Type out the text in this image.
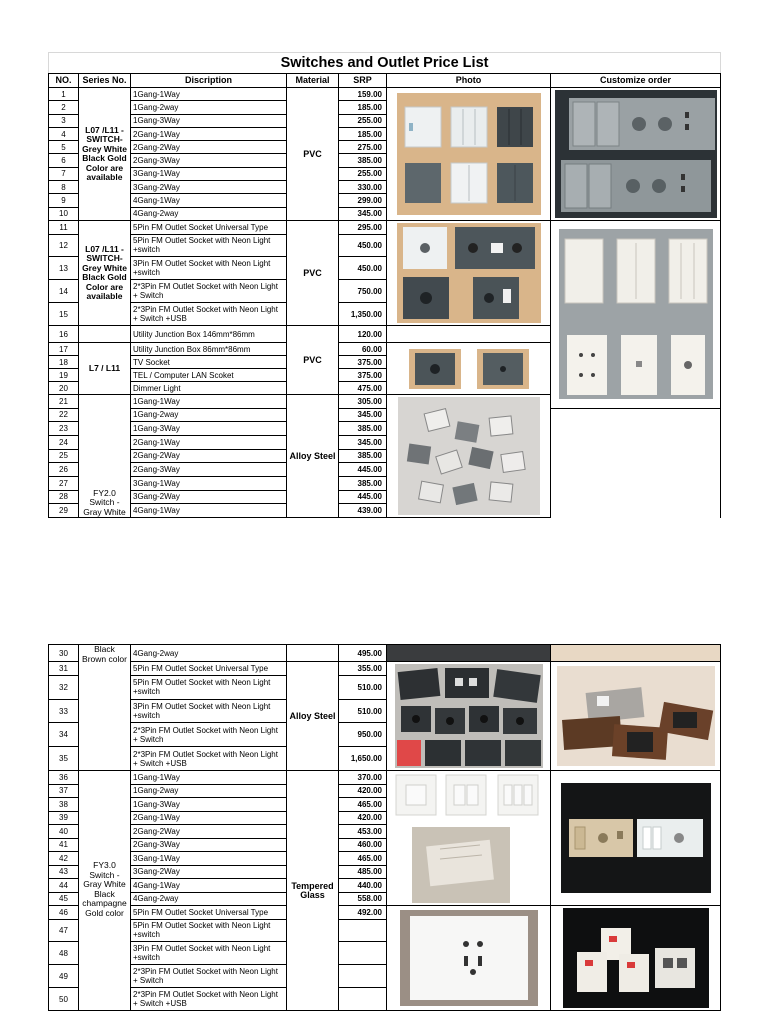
Switches and Outlet Price List							
NO.	Series No.	Discription	Material	SRP	Photo	Customize order	
1	L07 /L11 - SWITCH- Grey White Black Gold Color are available	1Gang-1Way	PVC	159.00	

2		1Gang-2way		185.00			
3		1Gang-3Way		255.00			
4		2Gang-1Way		185.00			
5		2Gang-2Way		275.00			
6		2Gang-3Way		385.00			
7		3Gang-1Way		255.00			
8		3Gang-2Way		330.00			
9		4Gang-1Way		299.00			
10		4Gang-2way		345.00			
11	L07 /L11 - SWITCH- Grey White Black Gold Color are available	5Pin FM Outlet Socket Universal Type	PVC	295.00	

12		5Pin FM Outlet Socket with Neon Light +switch		450.00			
13		3Pin FM Outlet Socket with Neon Light +switch		450.00			
14		2*3Pin FM Outlet Socket with Neon Light + Switch		750.00			
15		2*3Pin FM Outlet Socket with Neon Light + Switch +USB		1,350.00			
16		Utility Junction Box 146mm*86mm	PVC	120.00			
17	L7 / L11	Utility Junction Box 86mm*86mm		60.00	

18		TV Socket		375.00			
19		TEL / Computer LAN Scoket		375.00			
20		Dimmer Light		475.00			
21	FY2.0 Switch - Gray White	1Gang-1Way	Alloy Steel	305.00	

22		1Gang-2way		345.00			
23		1Gang-3Way		385.00			
24		2Gang-1Way		345.00			
25		2Gang-2Way		385.00			
26		2Gang-3Way		445.00			
27		3Gang-1Way		385.00			
28		3Gang-2Way		445.00			
29		4Gang-1Way		439.00			
30	Black Brown color	4Gang-2way		495.00		
31		5Pin FM Outlet Socket Universal Type	Alloy Steel	355.00	

32		5Pin FM Outlet Socket with Neon Light +switch		510.00		
33		3Pin FM Outlet Socket with Neon Light +switch		510.00		
34		2*3Pin FM Outlet Socket with Neon Light + Switch		950.00		
35		2*3Pin FM Outlet Socket with Neon Light + Switch +USB		1,650.00		
36	FY3.0 Switch - Gray White Black champagne Gold color	1Gang-1Way	Tempered Glass	370.00	

37		1Gang-2way		420.00		
38		1Gang-3Way		465.00		
39		2Gang-1Way		420.00		
40		2Gang-2Way		453.00		
41		2Gang-3Way		460.00		
42		3Gang-1Way		465.00		
43		3Gang-2Way		485.00		
44		4Gang-1Way		440.00		
45		4Gang-2way		558.00		
46		5Pin FM Outlet Socket Universal Type		492.00	

47		5Pin FM Outlet Socket with Neon Light +switch				
48		3Pin FM Outlet Socket with Neon Light +switch				
49		2*3Pin FM Outlet Socket with Neon Light + Switch				
50		2*3Pin FM Outlet Socket with Neon Light + Switch +USB				
